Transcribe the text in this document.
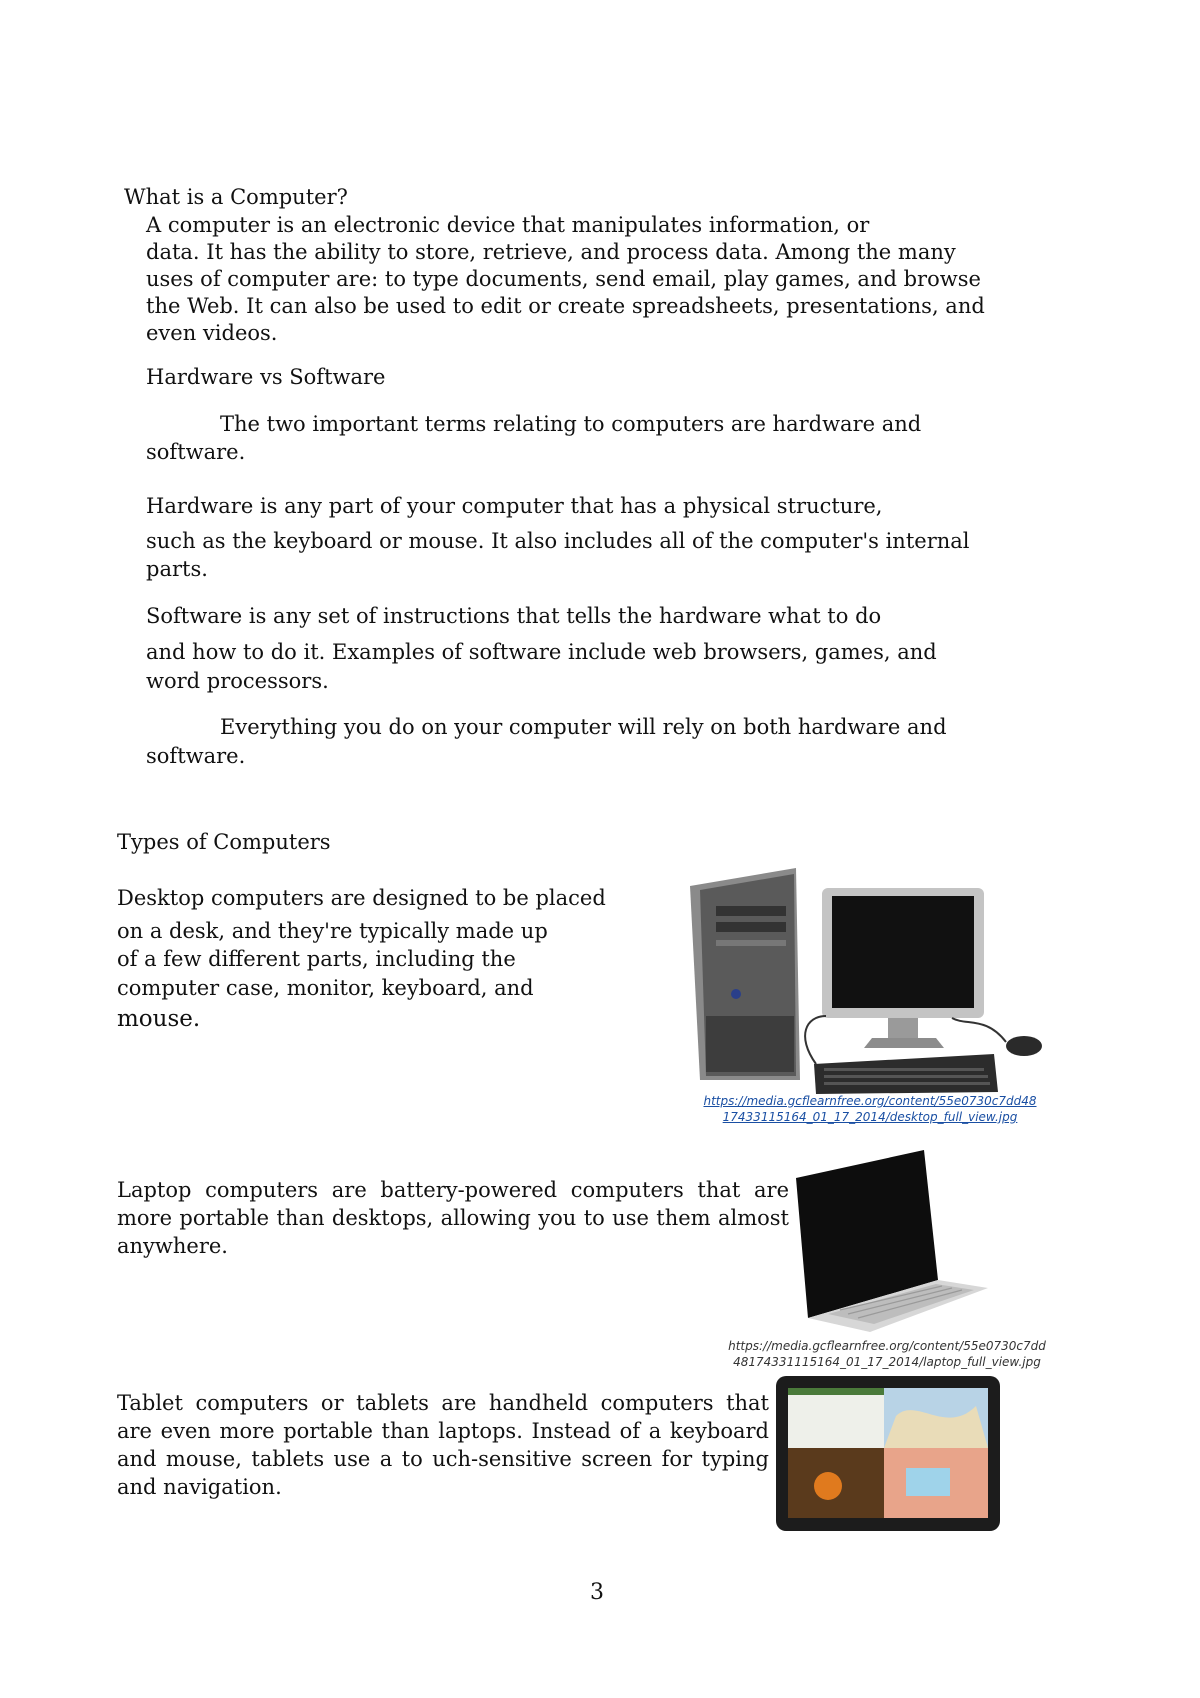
What is a Computer?
A computer is an electronic device that manipulates information, or
data. It has the ability to store, retrieve, and process data. Among the many
uses of computer are: to type documents, send email, play games, and browse
the Web. It can also be used to edit or create spreadsheets, presentations, and
even videos.
Hardware vs Software
The two important terms relating to computers are hardware and
software.
Hardware is any part of your computer that has a physical structure,
such as the keyboard or mouse. It also includes all of the computer's internal
parts.
Software is any set of instructions that tells the hardware what to do
and how to do it. Examples of software include web browsers, games, and
word processors.
Everything you do on your computer will rely on both hardware and
software.
Types of Computers
Desktop computers are designed to be placed
on a desk, and they're typically made up
of a few different parts, including the
computer case, monitor, keyboard, and
mouse.
https://media.gcflearnfree.org/content/55e0730c7dd48
17433115164_01_17_2014/desktop_full_view.jpg
Laptop computers are battery-powered computers that are more portable than desktops, allowing you to use them almost anywhere.
https://media.gcflearnfree.org/content/55e0730c7dd
48174331115164_01_17_2014/laptop_full_view.jpg
Tablet computers or tablets are handheld computers that are even more portable than laptops. Instead of a keyboard and mouse, tablets use a to uch-sensitive screen for typing and navigation.
3
